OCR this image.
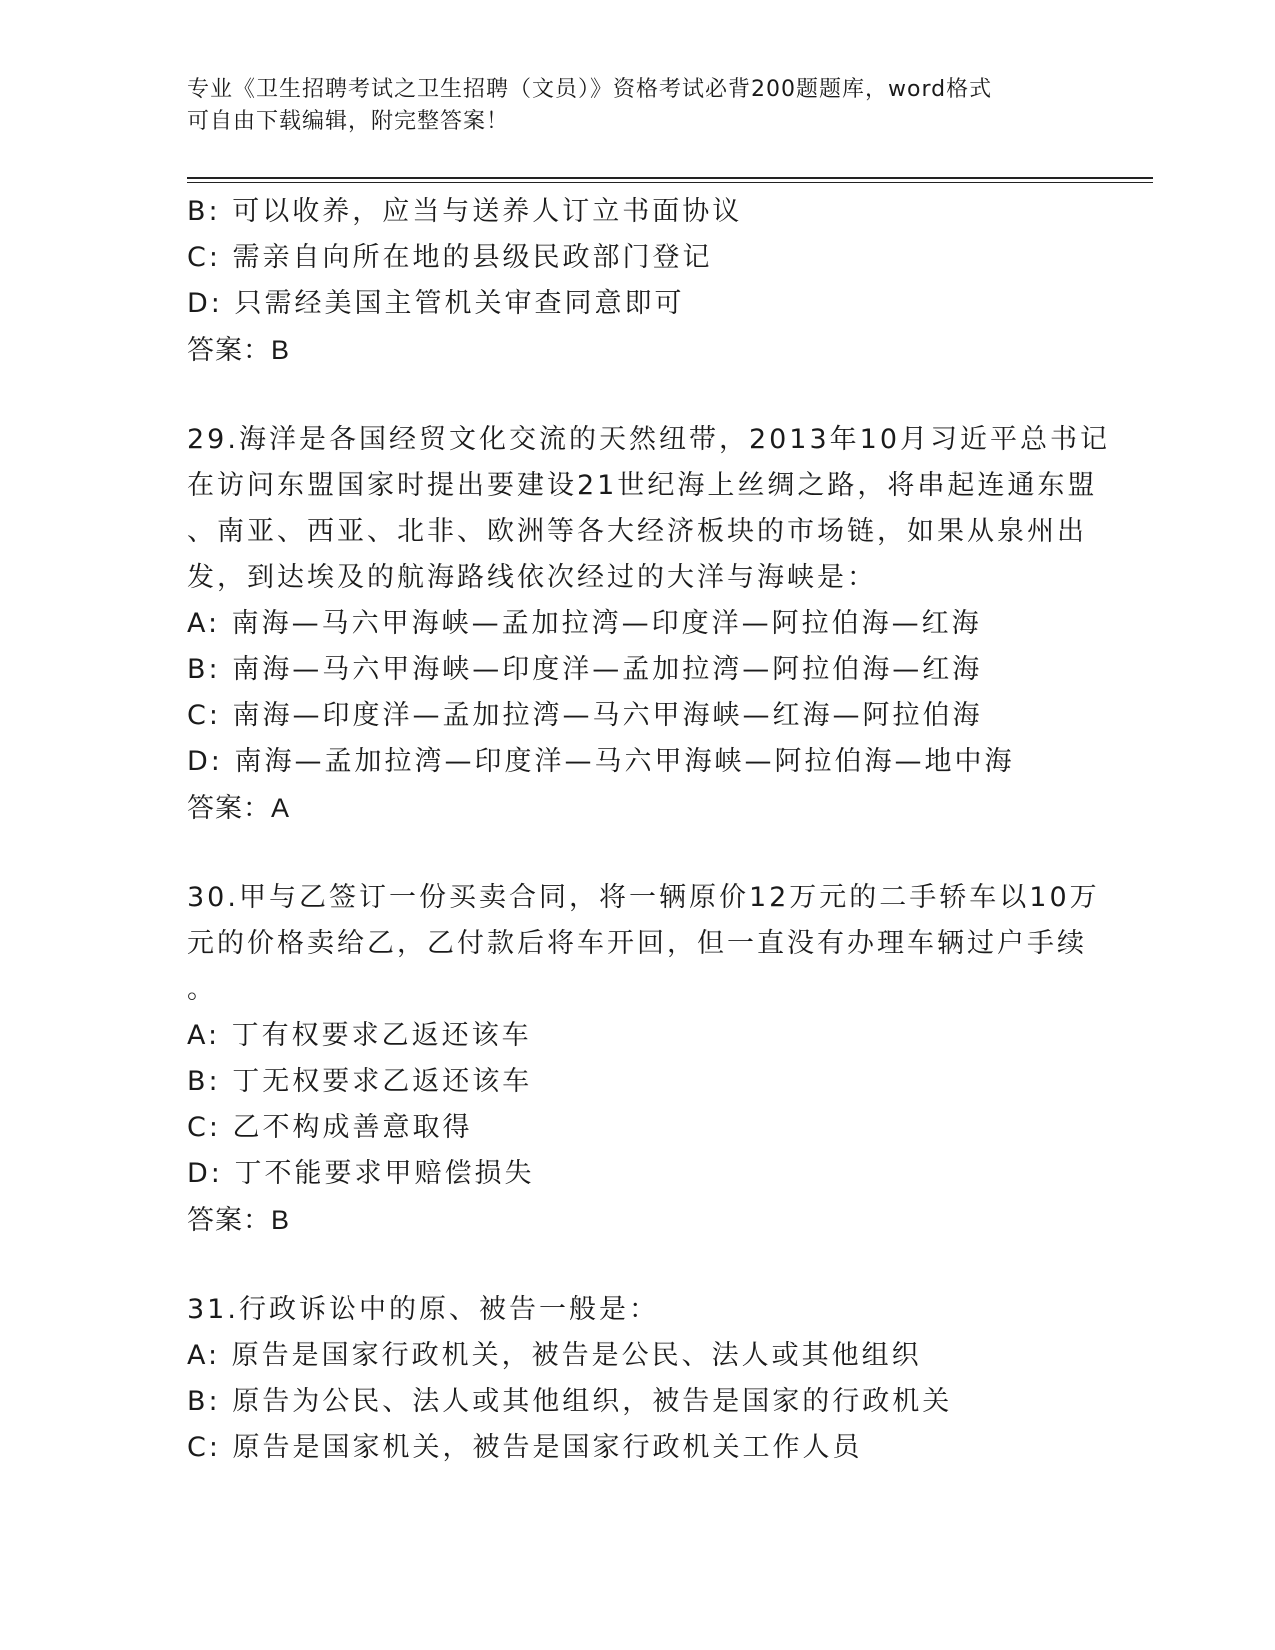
专业《卫生招聘考试之卫生招聘（文员）》资格考试必背200题题库，word格式
可自由下载编辑，附完整答案！
B: 可以收养，应当与送养人订立书面协议
C: 需亲自向所在地的县级民政部门登记
D: 只需经美国主管机关审查同意即可
答案：B
29.海洋是各国经贸文化交流的天然纽带，2013年10月习近平总书记
在访问东盟国家时提出要建设21世纪海上丝绸之路，将串起连通东盟
、南亚、西亚、北非、欧洲等各大经济板块的市场链，如果从泉州出
发，到达埃及的航海路线依次经过的大洋与海峡是：
A: 南海—马六甲海峡—孟加拉湾—印度洋—阿拉伯海—红海
B: 南海—马六甲海峡—印度洋—孟加拉湾—阿拉伯海—红海
C: 南海—印度洋—孟加拉湾—马六甲海峡—红海—阿拉伯海
D: 南海—孟加拉湾—印度洋—马六甲海峡—阿拉伯海—地中海
答案：A
30.甲与乙签订一份买卖合同，将一辆原价12万元的二手轿车以10万
元的价格卖给乙，乙付款后将车开回，但一直没有办理车辆过户手续
。
A: 丁有权要求乙返还该车
B: 丁无权要求乙返还该车
C: 乙不构成善意取得
D: 丁不能要求甲赔偿损失
答案：B
31.行政诉讼中的原、被告一般是：
A: 原告是国家行政机关，被告是公民、法人或其他组织
B: 原告为公民、法人或其他组织，被告是国家的行政机关
C: 原告是国家机关，被告是国家行政机关工作人员
